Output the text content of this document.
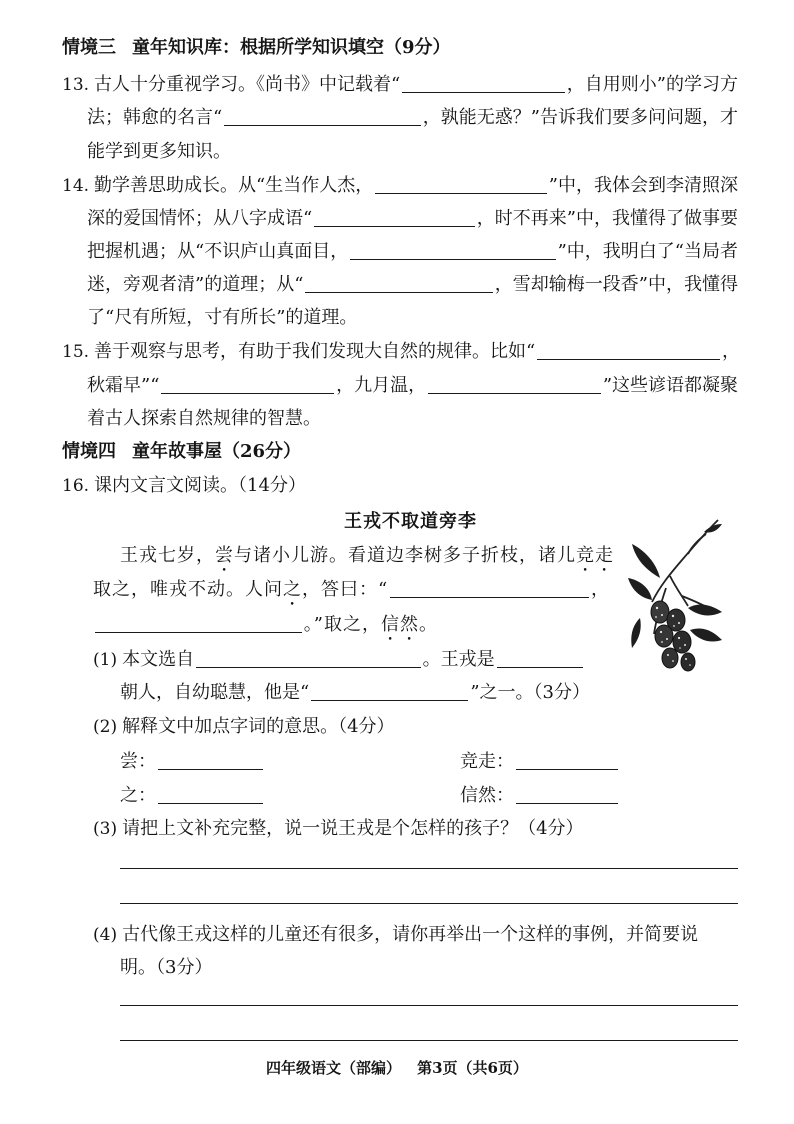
情境三 童年知识库：根据所学知识填空（9分）
13. 古人十分重视学习。《尚书》中记载着“	，自用则小”的学习方
法；韩愈的名言“	，孰能无惑？”告诉我们要多问问题，才
能学到更多知识。
14. 勤学善思助成长。从“生当作人杰，	”中，我体会到李清照深
深的爱国情怀；从八字成语“	，时不再来”中，我懂得了做事要
把握机遇；从“不识庐山真面目，	”中，我明白了“当局者
迷，旁观者清”的道理；从“	，雪却输梅一段香”中，我懂得
了“尺有所短，寸有所长”的道理。
15. 善于观察与思考，有助于我们发现大自然的规律。比如“	，
秋霜早”“	，九月温，	”这些谚语都凝聚
着古人探索自然规律的智慧。
情境四 童年故事屋（26分）
16. 课内文言文阅读。（14分）
王戎不取道旁李
王戎七岁， 尝 与诸小儿游。看道边李树多子折枝，诸儿 竞走
取之，唯戎不动。人问 之 ，答曰：“	，
。”取之， 信然 。
(1) 本文选自	。王戎是
朝人，自幼聪慧，他是“	”之一。（3分）
(2) 解释文中加点字词的意思。（4分）
尝：	竞走：
之：	信然：
(3) 请把上文补充完整，说一说王戎是个怎样的孩子？（4分）
(4) 古代像王戎这样的儿童还有很多，请你再举出一个这样的事例，并简要说
明。（3分）
四年级语文（部编） 第3页（共6页）
